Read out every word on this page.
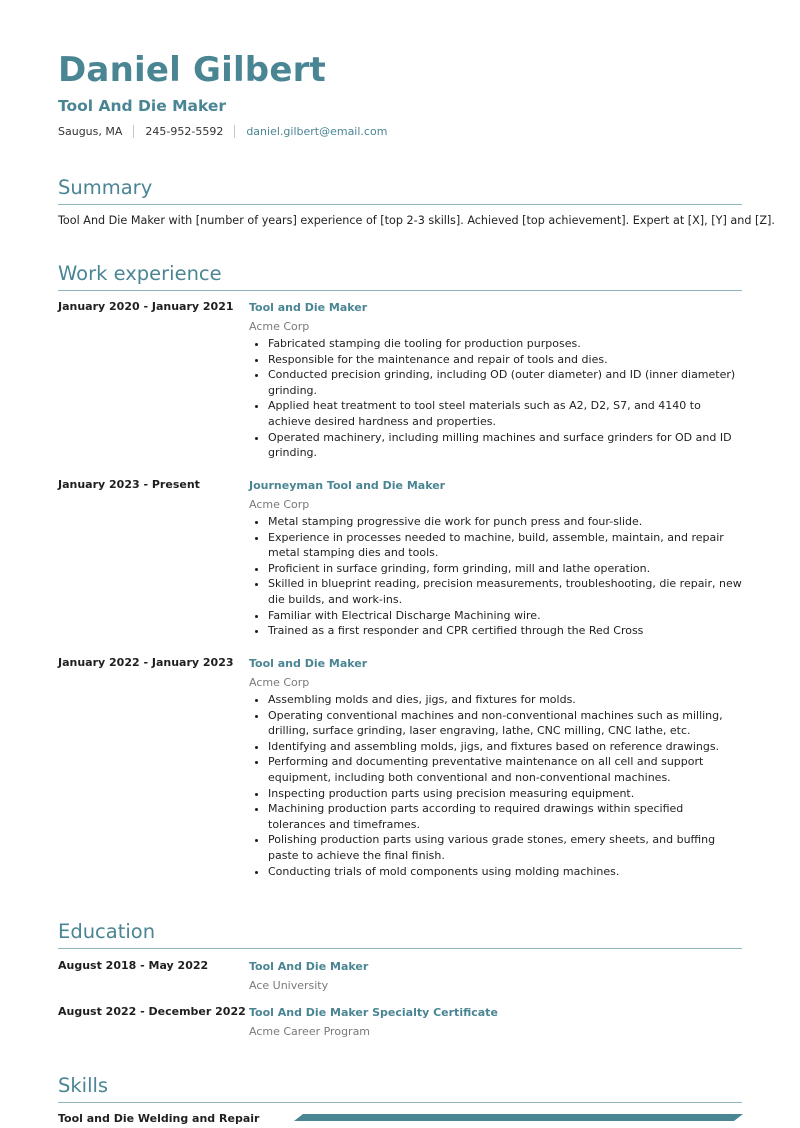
Daniel Gilbert
Tool And Die Maker
Saugus, MA 245-952-5592 daniel.gilbert@email.com
Summary
Tool And Die Maker with [number of years] experience of [top 2-3 skills]. Achieved [top achievement]. Expert at [X], [Y] and [Z].
Work experience
January 2020 - January 2021	Tool and Die Maker
Acme Corp
• Fabricated stamping die tooling for production purposes.
• Responsible for the maintenance and repair of tools and dies.
• Conducted precision grinding, including OD (outer diameter) and ID (inner diameter) grinding.
• Applied heat treatment to tool steel materials such as A2, D2, S7, and 4140 to achieve desired hardness and properties.
• Operated machinery, including milling machines and surface grinders for OD and ID grinding.
January 2023 - Present	Journeyman Tool and Die Maker
Acme Corp
• Metal stamping progressive die work for punch press and four-slide.
• Experience in processes needed to machine, build, assemble, maintain, and repair metal stamping dies and tools.
• Proficient in surface grinding, form grinding, mill and lathe operation.
• Skilled in blueprint reading, precision measurements, troubleshooting, die repair, new die builds, and work-ins.
• Familiar with Electrical Discharge Machining wire.
• Trained as a first responder and CPR certified through the Red Cross
January 2022 - January 2023	Tool and Die Maker
Acme Corp
• Assembling molds and dies, jigs, and fixtures for molds.
• Operating conventional machines and non-conventional machines such as milling, drilling, surface grinding, laser engraving, lathe, CNC milling, CNC lathe, etc.
• Identifying and assembling molds, jigs, and fixtures based on reference drawings.
• Performing and documenting preventative maintenance on all cell and support equipment, including both conventional and non-conventional machines.
• Inspecting production parts using precision measuring equipment.
• Machining production parts according to required drawings within specified tolerances and timeframes.
• Polishing production parts using various grade stones, emery sheets, and buffing paste to achieve the final finish.
• Conducting trials of mold components using molding machines.
Education
August 2018 - May 2022	Tool And Die Maker
Ace University
August 2022 - December 2022 Tool And Die Maker Specialty Certificate
Acme Career Program
Skills
Tool and Die Welding and Repair
